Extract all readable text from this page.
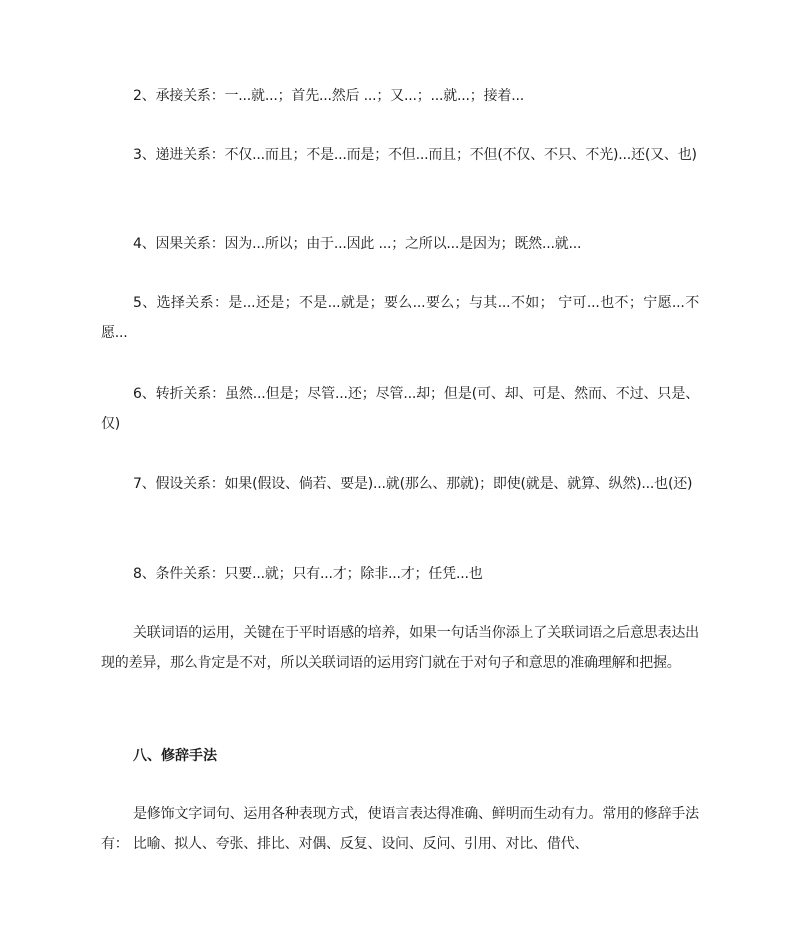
2、承接关系：一...就...；首先...然后 ...；又...；...就...；接着...

3、递进关系：不仅...而且；不是...而是；不但...而且；不但(不仅、不只、不光)...还(又、也)

4、因果关系：因为...所以；由于...因此 ...；之所以...是因为；既然...就...

5、选择关系：是...还是；不是...就是；要么...要么；与其...不如； 宁可...也不；宁愿...不愿...

6、转折关系：虽然...但是；尽管...还；尽管...却；但是(可、却、可是、然而、不过、只是、仅)

7、假设关系：如果(假设、倘若、要是)...就(那么、那就)；即使(就是、就算、纵然)...也(还)

8、条件关系：只要...就；只有...才；除非...才；任凭...也

关联词语的运用，关键在于平时语感的培养，如果一句话当你添上了关联词语之后意思表达出现的差异，那么肯定是不对，所以关联词语的运用窍门就在于对句子和意思的准确理解和把握。

八、修辞手法

是修饰文字词句、运用各种表现方式，使语言表达得准确、鲜明而生动有力。常用的修辞手法有： 比喻、拟人、夸张、排比、对偶、反复、设问、反问、引用、对比、借代、
